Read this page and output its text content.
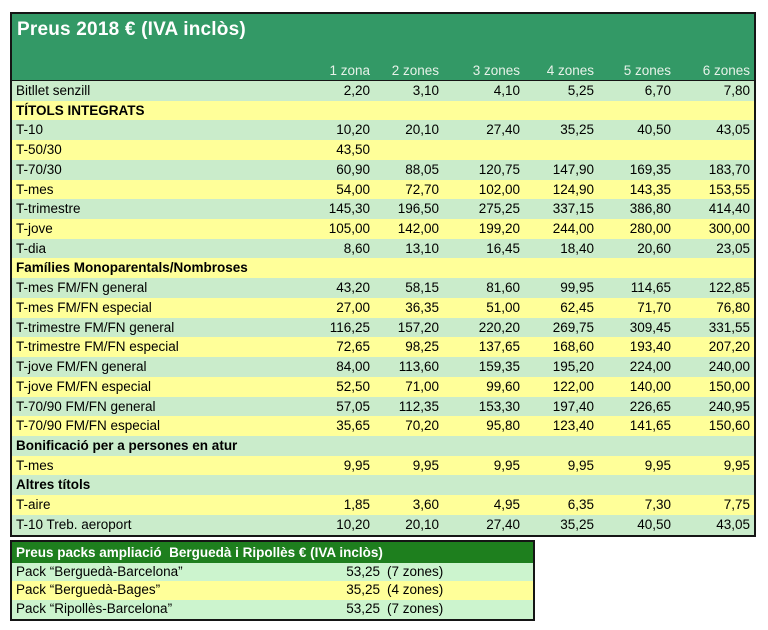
Preus 2018 € (IVA inclòs)
1 zona	2 zones	3 zones	4 zones	5 zones	6 zones
Bitllet senzill	2,20	3,10	4,10	5,25	6,70	7,80
TÍTOLS INTEGRATS
T-10	10,20	20,10	27,40	35,25	40,50	43,05
T-50/30	43,50
T-70/30	60,90	88,05	120,75	147,90	169,35	183,70
T-mes	54,00	72,70	102,00	124,90	143,35	153,55
T-trimestre	145,30	196,50	275,25	337,15	386,80	414,40
T-jove	105,00	142,00	199,20	244,00	280,00	300,00
T-dia	8,60	13,10	16,45	18,40	20,60	23,05
Famílies Monoparentals/Nombroses
T-mes FM/FN general	43,20	58,15	81,60	99,95	114,65	122,85
T-mes FM/FN especial	27,00	36,35	51,00	62,45	71,70	76,80
T-trimestre FM/FN general	116,25	157,20	220,20	269,75	309,45	331,55
T-trimestre FM/FN especial	72,65	98,25	137,65	168,60	193,40	207,20
T-jove FM/FN general	84,00	113,60	159,35	195,20	224,00	240,00
T-jove FM/FN especial	52,50	71,00	99,60	122,00	140,00	150,00
T-70/90 FM/FN general	57,05	112,35	153,30	197,40	226,65	240,95
T-70/90 FM/FN especial	35,65	70,20	95,80	123,40	141,65	150,60
Bonificació per a persones en atur
T-mes	9,95	9,95	9,95	9,95	9,95	9,95
Altres títols
T-aire	1,85	3,60	4,95	6,35	7,30	7,75
T-10 Treb. aeroport	10,20	20,10	27,40	35,25	40,50	43,05
Preus packs ampliació  Berguedà i Ripollès € (IVA inclòs)
Pack “Berguedà-Barcelona”	53,25 (7 zones)
Pack “Berguedà-Bages”	35,25 (4 zones)
Pack “Ripollès-Barcelona”	53,25 (7 zones)
